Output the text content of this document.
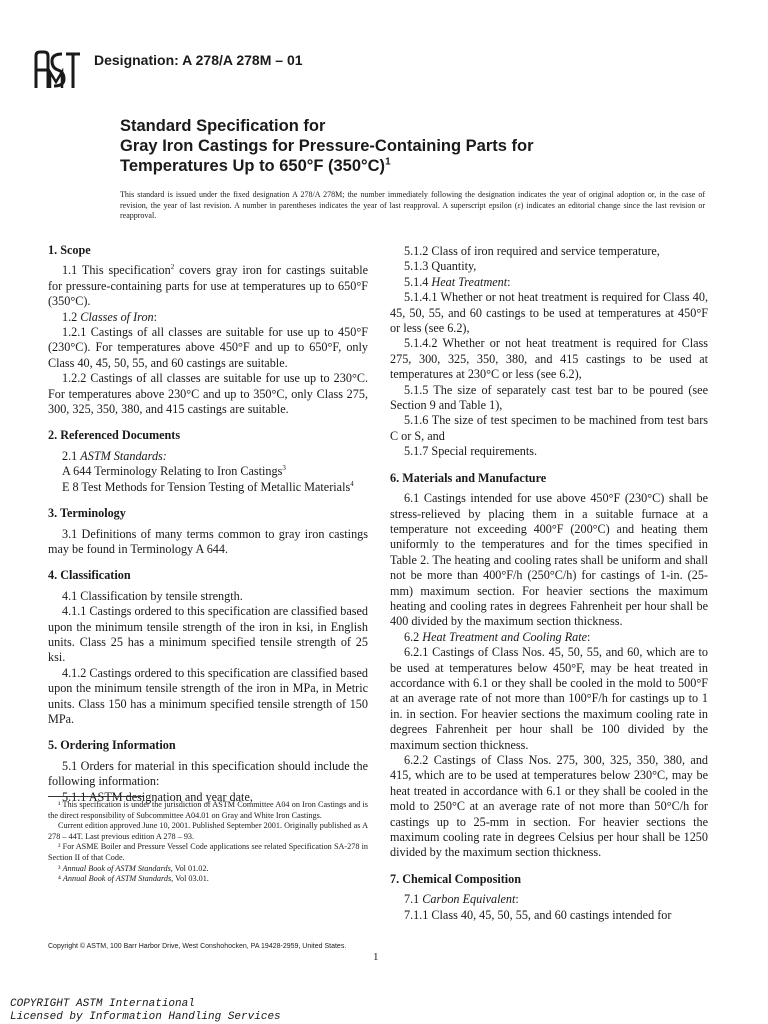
Designation: A 278/A 278M – 01
Standard Specification for
Gray Iron Castings for Pressure-Containing Parts for
Temperatures Up to 650°F $(350^\circ C)^1$
This standard is issued under the fixed designation A 278/A 278M; the number immediately following the designation indicates the year of original adoption or, in the case of revision, the year of last revision. A number in parentheses indicates the year of last reapproval. A superscript epsilon (ε) indicates an editorial change since the last revision or reapproval.
1. Scope

1.1 This specification$^2$ covers gray iron for castings suitable for pressure-containing parts for use at temperatures up to 650°F (350°C).

1.2 Classes of Iron:

1.2.1 Castings of all classes are suitable for use up to 450°F (230°C). For temperatures above 450°F and up to 650°F, only Class 40, 45, 50, 55, and 60 castings are suitable.

1.2.2 Castings of all classes are suitable for use up to 230°C. For temperatures above 230°C and up to 350°C, only Class 275, 300, 325, 350, 380, and 415 castings are suitable.

2. Referenced Documents

2.1 ASTM Standards:

A 644 Terminology Relating to Iron Castings$^3$

E 8 Test Methods for Tension Testing of Metallic Materials$^4$

3. Terminology

3.1 Definitions of many terms common to gray iron castings may be found in Terminology A 644.

4. Classification

4.1 Classification by tensile strength.

4.1.1 Castings ordered to this specification are classified based upon the minimum tensile strength of the iron in ksi, in English units. Class 25 has a minimum specified tensile strength of 25 ksi.

4.1.2 Castings ordered to this specification are classified based upon the minimum tensile strength of the iron in MPa, in Metric units. Class 150 has a minimum specified tensile strength of 150 MPa.

5. Ordering Information

5.1 Orders for material in this specification should include the following information:

5.1.1 ASTM designation and year date,

5.1.2 Class of iron required and service temperature,

5.1.3 Quantity,

5.1.4 Heat Treatment:

5.1.4.1 Whether or not heat treatment is required for Class 40, 45, 50, 55, and 60 castings to be used at temperatures at 450°F or less (see 6.2),

5.1.4.2 Whether or not heat treatment is required for Class 275, 300, 325, 350, 380, and 415 castings to be used at temperatures at 230°C or less (see 6.2),

5.1.5 The size of separately cast test bar to be poured (see Section 9 and Table 1),

5.1.6 The size of test specimen to be machined from test bars C or S, and

5.1.7 Special requirements.

6. Materials and Manufacture

6.1 Castings intended for use above 450°F (230°C) shall be stress-relieved by placing them in a suitable furnace at a temperature not exceeding 400°F (200°C) and heating them uniformly to the temperatures and for the times specified in Table 2. The heating and cooling rates shall be uniform and shall not be more than 400°F/h (250°C/h) for castings of 1-in. (25-mm) maximum section. For heavier sections the maximum heating and cooling rates in degrees Fahrenheit per hour shall be 400 divided by the maximum section thickness.

6.2 Heat Treatment and Cooling Rate:

6.2.1 Castings of Class Nos. 45, 50, 55, and 60, which are to be used at temperatures below 450°F, may be heat treated in accordance with 6.1 or they shall be cooled in the mold to 500°F at an average rate of not more than 100°F/h for castings up to 1 in. in section. For heavier sections the maximum cooling rate in degrees Fahrenheit per hour shall be 100 divided by the maximum section thickness.

6.2.2 Castings of Class Nos. 275, 300, 325, 350, 380, and 415, which are to be used at temperatures below 230°C, may be heat treated in accordance with 6.1 or they shall be cooled in the mold to 250°C at an average rate of not more than 50°C/h for castings up to 25-mm in section. For heavier sections the maximum cooling rate in degrees Celsius per hour shall be 1250 divided by the maximum section thickness.

7. Chemical Composition

7.1 Carbon Equivalent:

7.1.1 Class 40, 45, 50, 55, and 60 castings intended for

¹ This specification is under the jurisdiction of ASTM Committee A04 on Iron Castings and is the direct responsibility of Subcommittee A04.01 on Gray and White Iron Castings.

Current edition approved June 10, 2001. Published September 2001. Originally published as A 278 – 44T. Last previous edition A 278 – 93.

² For ASME Boiler and Pressure Vessel Code applications see related Specification SA-278 in Section II of that Code.

³ Annual Book of ASTM Standards, Vol 01.02.

⁴ Annual Book of ASTM Standards, Vol 03.01.

Copyright © ASTM, 100 Barr Harbor Drive, West Conshohocken, PA 19428-2959, United States.
1
COPYRIGHT ASTM International
Licensed by Information Handling Services
